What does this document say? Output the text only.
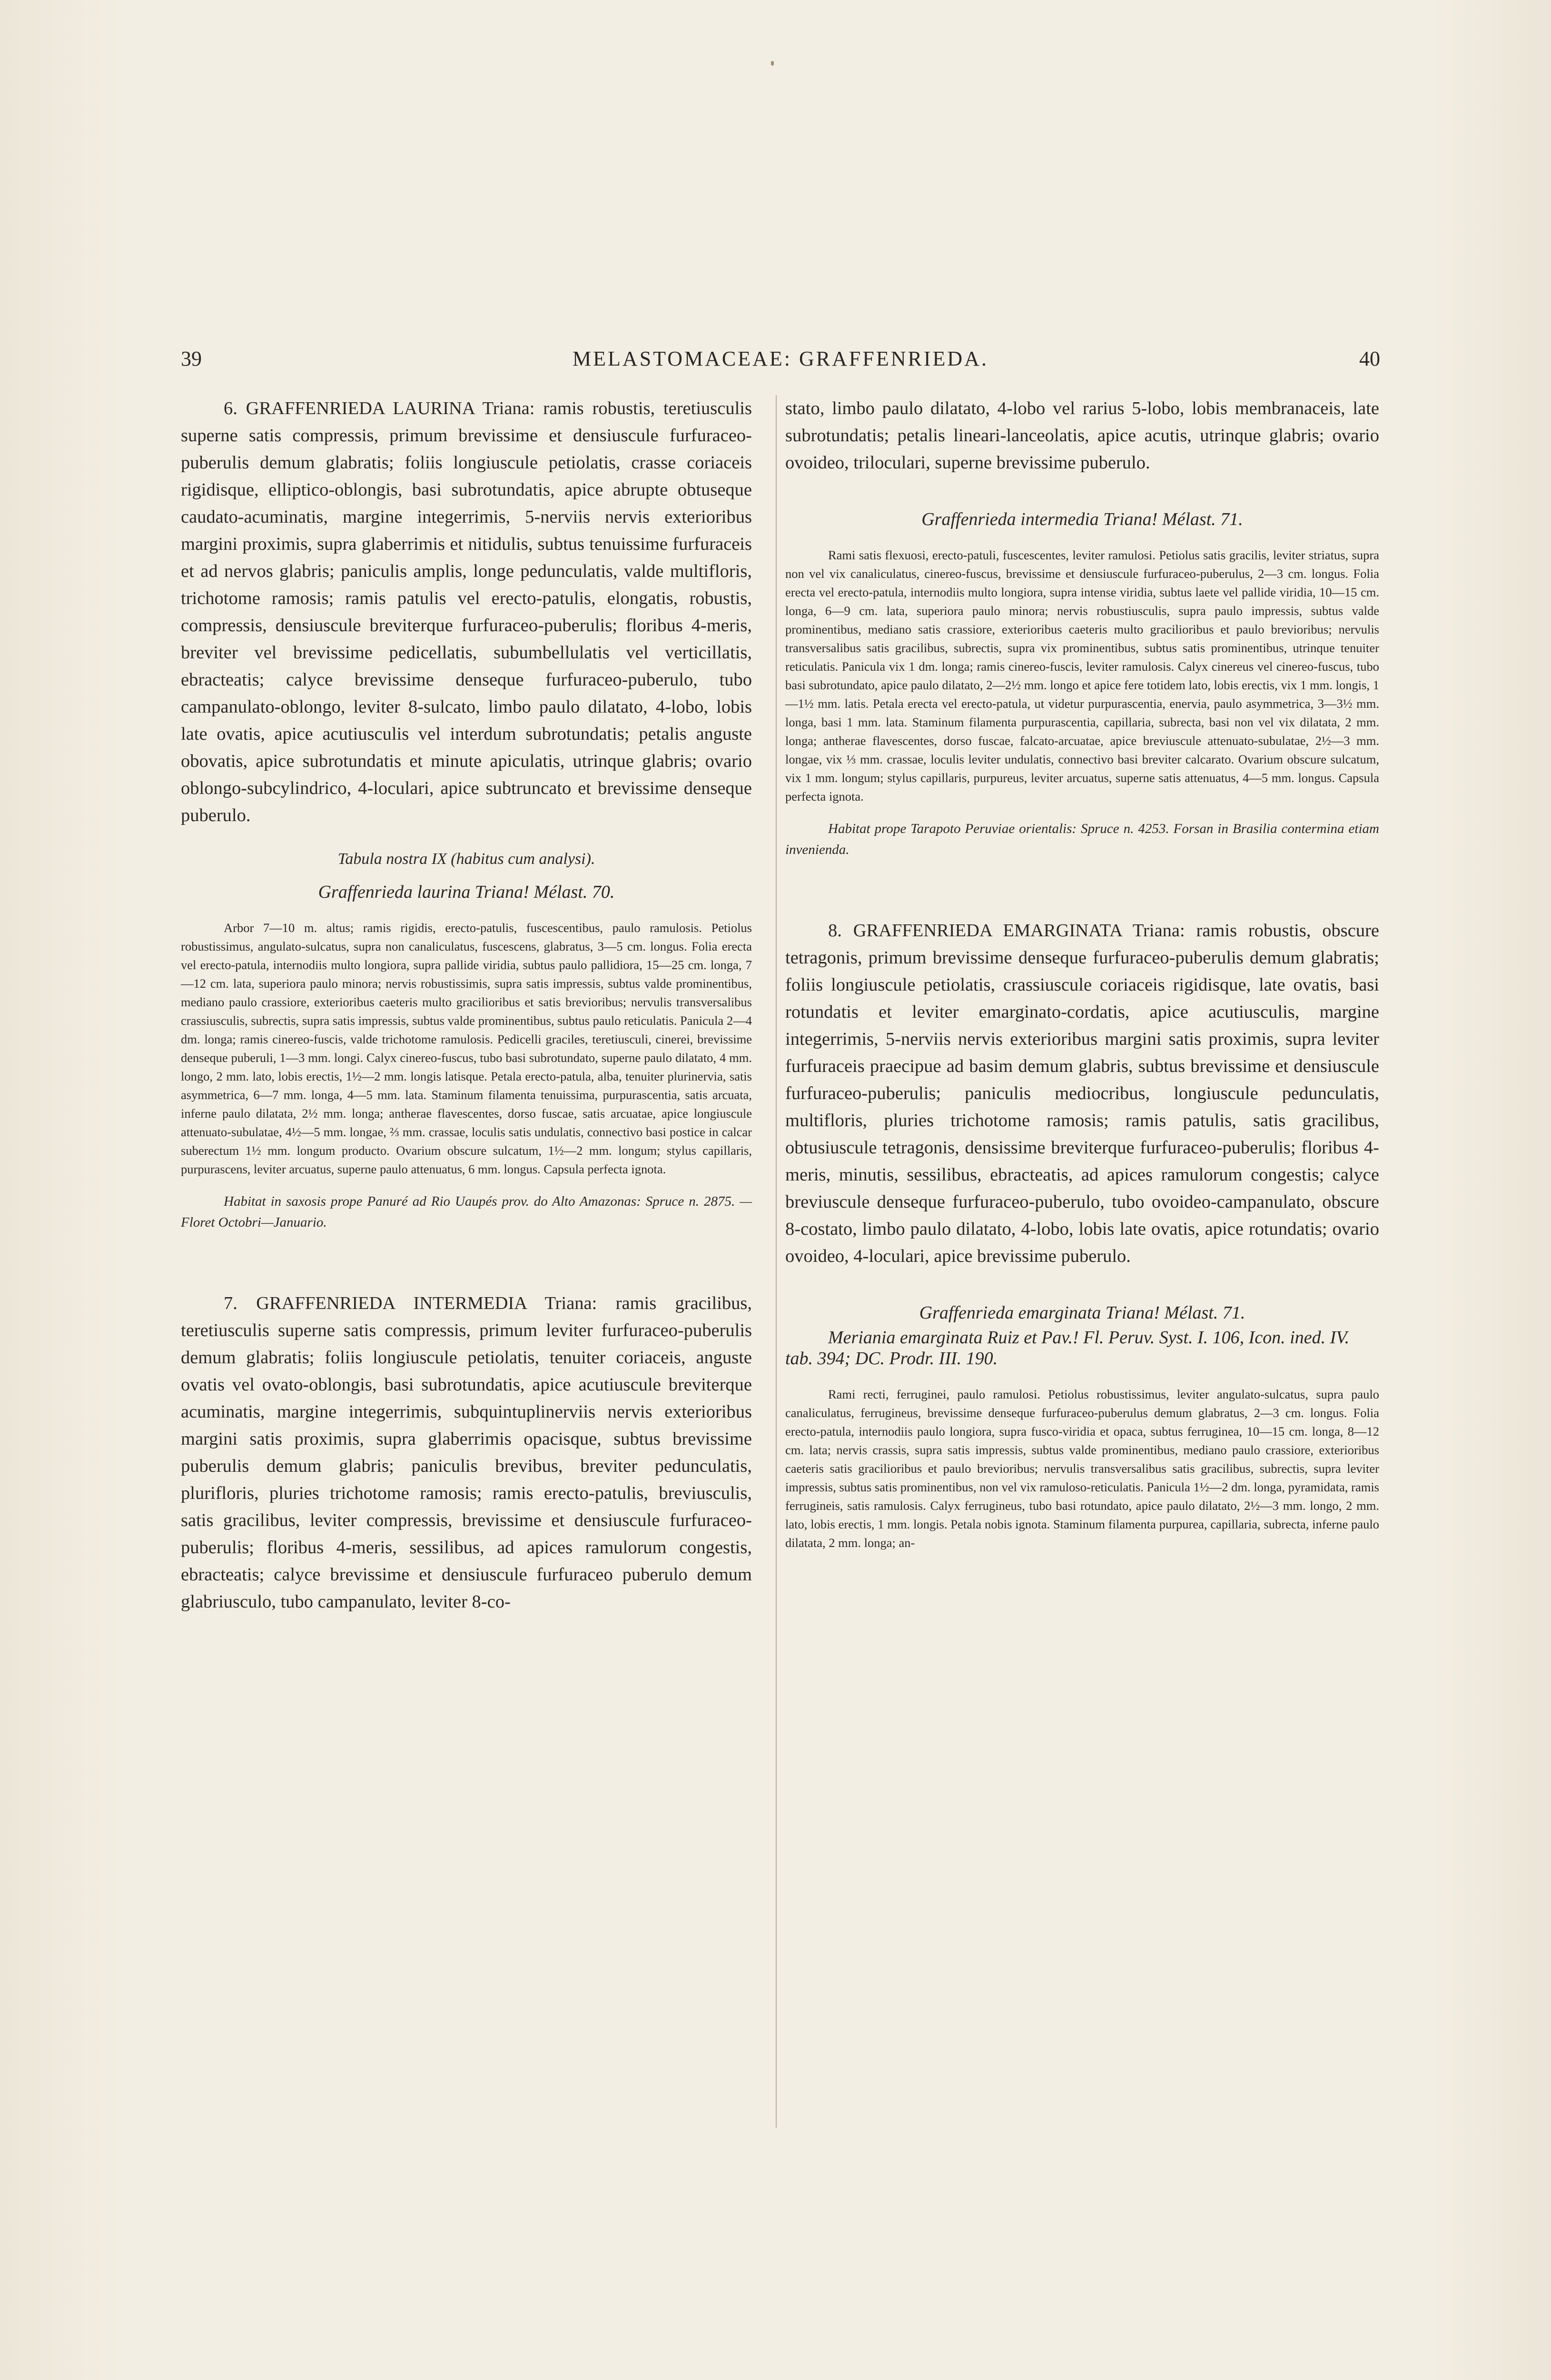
39	MELASTOMACEAE: GRAFFENRIEDA.	40

6. GRAFFENRIEDA LAURINA Triana: ramis robustis, teretiusculis superne satis compressis, primum brevissime et densiuscule furfuraceo-puberulis demum glabratis; foliis longiuscule petiolatis, crasse coriaceis rigidisque, elliptico-oblongis, basi subrotundatis, apice abrupte obtuseque caudato-acuminatis, margine integerrimis, 5-nerviis nervis exterioribus margini proximis, supra glaberrimis et nitidulis, subtus tenuissime furfuraceis et ad nervos glabris; paniculis amplis, longe pedunculatis, valde multifloris, trichotome ramosis; ramis patulis vel erecto-patulis, elongatis, robustis, compressis, densiuscule breviterque furfuraceo-puberulis; floribus 4-meris, breviter vel brevissime pedicellatis, subumbellulatis vel verticillatis, ebracteatis; calyce brevissime denseque furfuraceo-puberulo, tubo campanulato-oblongo, leviter 8-sulcato, limbo paulo dilatato, 4-lobo, lobis late ovatis, apice acutiusculis vel interdum subrotundatis; petalis anguste obovatis, apice subrotundatis et minute apiculatis, utrinque glabris; ovario oblongo-subcylindrico, 4-loculari, apice subtruncato et brevissime denseque puberulo.

Tabula nostra IX (habitus cum analysi).

Graffenrieda laurina Triana! Mélast. 70.

Arbor 7—10 m. altus; ramis rigidis, erecto-patulis, fuscescentibus, paulo ramulosis. Petiolus robustissimus, angulato-sulcatus, supra non canaliculatus, fuscescens, glabratus, 3—5 cm. longus. Folia erecta vel erecto-patula, internodiis multo longiora, supra pallide viridia, subtus paulo pallidiora, 15—25 cm. longa, 7—12 cm. lata, superiora paulo minora; nervis robustissimis, supra satis impressis, subtus valde prominentibus, mediano paulo crassiore, exterioribus caeteris multo gracilioribus et satis brevioribus; nervulis transversalibus crassiusculis, subrectis, supra satis impressis, subtus valde prominentibus, subtus paulo reticulatis. Panicula 2—4 dm. longa; ramis cinereo-fuscis, valde trichotome ramulosis. Pedicelli graciles, teretiusculi, cinerei, brevissime denseque puberuli, 1—3 mm. longi. Calyx cinereo-fuscus, tubo basi subrotundato, superne paulo dilatato, 4 mm. longo, 2 mm. lato, lobis erectis, 1½—2 mm. longis latisque. Petala erecto-patula, alba, tenuiter plurinervia, satis asymmetrica, 6—7 mm. longa, 4—5 mm. lata. Staminum filamenta tenuissima, purpurascentia, satis arcuata, inferne paulo dilatata, 2½ mm. longa; antherae flavescentes, dorso fuscae, satis arcuatae, apice longiuscule attenuato-subulatae, 4½—5 mm. longae, ⅔ mm. crassae, loculis satis undulatis, connectivo basi postice in calcar suberectum 1½ mm. longum producto. Ovarium obscure sulcatum, 1½—2 mm. longum; stylus capillaris, purpurascens, leviter arcuatus, superne paulo attenuatus, 6 mm. longus. Capsula perfecta ignota.

Habitat in saxosis prope Panuré ad Rio Uaupés prov. do Alto Amazonas: Spruce n. 2875. — Floret Octobri—Januario.

7. GRAFFENRIEDA INTERMEDIA Triana: ramis gracilibus, teretiusculis superne satis compressis, primum leviter furfuraceo-puberulis demum glabratis; foliis longiuscule petiolatis, tenuiter coriaceis, anguste ovatis vel ovato-oblongis, basi subrotundatis, apice acutiuscule breviterque acuminatis, margine integerrimis, subquintuplinerviis nervis exterioribus margini satis proximis, supra glaberrimis opacisque, subtus brevissime puberulis demum glabris; paniculis brevibus, breviter pedunculatis, plurifloris, pluries trichotome ramosis; ramis erecto-patulis, breviusculis, satis gracilibus, leviter compressis, brevissime et densiuscule furfuraceo-puberulis; floribus 4-meris, sessilibus, ad apices ramulorum congestis, ebracteatis; calyce brevissime et densiuscule furfuraceo puberulo demum glabriusculo, tubo campanulato, leviter 8-co-

stato, limbo paulo dilatato, 4-lobo vel rarius 5-lobo, lobis membranaceis, late subrotundatis; petalis lineari-lanceolatis, apice acutis, utrinque glabris; ovario ovoideo, triloculari, superne brevissime puberulo.

Graffenrieda intermedia Triana! Mélast. 71.

Rami satis flexuosi, erecto-patuli, fuscescentes, leviter ramulosi. Petiolus satis gracilis, leviter striatus, supra non vel vix canaliculatus, cinereo-fuscus, brevissime et densiuscule furfuraceo-puberulus, 2—3 cm. longus. Folia erecta vel erecto-patula, internodiis multo longiora, supra intense viridia, subtus laete vel pallide viridia, 10—15 cm. longa, 6—9 cm. lata, superiora paulo minora; nervis robustiusculis, supra paulo impressis, subtus valde prominentibus, mediano satis crassiore, exterioribus caeteris multo gracilioribus et paulo brevioribus; nervulis transversalibus satis gracilibus, subrectis, supra vix prominentibus, subtus satis prominentibus, utrinque tenuiter reticulatis. Panicula vix 1 dm. longa; ramis cinereo-fuscis, leviter ramulosis. Calyx cinereus vel cinereo-fuscus, tubo basi subrotundato, apice paulo dilatato, 2—2½ mm. longo et apice fere totidem lato, lobis erectis, vix 1 mm. longis, 1—1½ mm. latis. Petala erecta vel erecto-patula, ut videtur purpurascentia, enervia, paulo asymmetrica, 3—3½ mm. longa, basi 1 mm. lata. Staminum filamenta purpurascentia, capillaria, subrecta, basi non vel vix dilatata, 2 mm. longa; antherae flavescentes, dorso fuscae, falcato-arcuatae, apice breviuscule attenuato-subulatae, 2½—3 mm. longae, vix ⅓ mm. crassae, loculis leviter undulatis, connectivo basi breviter calcarato. Ovarium obscure sulcatum, vix 1 mm. longum; stylus capillaris, purpureus, leviter arcuatus, superne satis attenuatus, 4—5 mm. longus. Capsula perfecta ignota.

Habitat prope Tarapoto Peruviae orientalis: Spruce n. 4253. Forsan in Brasilia contermina etiam inveniendа.

8. GRAFFENRIEDA EMARGINATA Triana: ramis robustis, obscure tetragonis, primum brevissime denseque furfuraceo-puberulis demum glabratis; foliis longiuscule petiolatis, crassiuscule coriaceis rigidisque, late ovatis, basi rotundatis et leviter emarginato-cordatis, apice acutiusculis, margine integerrimis, 5-nerviis nervis exterioribus margini satis proximis, supra leviter furfuraceis praecipue ad basim demum glabris, subtus brevissime et densiuscule furfuraceo-puberulis; paniculis mediocribus, longiuscule pedunculatis, multifloris, pluries trichotome ramosis; ramis patulis, satis gracilibus, obtusiuscule tetragonis, densissime breviterque furfuraceo-puberulis; floribus 4-meris, minutis, sessilibus, ebracteatis, ad apices ramulorum congestis; calyce breviuscule denseque furfuraceo-puberulo, tubo ovoideo-campanulato, obscure 8-costato, limbo paulo dilatato, 4-lobo, lobis late ovatis, apice rotundatis; ovario ovoideo, 4-loculari, apice brevissime puberulo.

Graffenrieda emarginata Triana! Mélast. 71.

Meriania emarginata Ruiz et Pav.! Fl. Peruv. Syst. I. 106, Icon. ined. IV. tab. 394; DC. Prodr. III. 190.

Rami recti, ferruginei, paulo ramulosi. Petiolus robustissimus, leviter angulato-sulcatus, supra paulo canaliculatus, ferrugineus, brevissime denseque furfuraceo-puberulus demum glabratus, 2—3 cm. longus. Folia erecto-patula, internodiis paulo longiora, supra fusco-viridia et opaca, subtus ferruginea, 10—15 cm. longa, 8—12 cm. lata; nervis crassis, supra satis impressis, subtus valde prominentibus, mediano paulo crassiore, exterioribus caeteris satis gracilioribus et paulo brevioribus; nervulis transversalibus satis gracilibus, subrectis, supra leviter impressis, subtus satis prominentibus, non vel vix ramuloso-reticulatis. Panicula 1½—2 dm. longa, pyramidata, ramis ferrugineis, satis ramulosis. Calyx ferrugineus, tubo basi rotundato, apice paulo dilatato, 2½—3 mm. longo, 2 mm. lato, lobis erectis, 1 mm. longis. Petala nobis ignota. Staminum filamenta purpurea, capillaria, subrecta, inferne paulo dilatata, 2 mm. longa; an-
